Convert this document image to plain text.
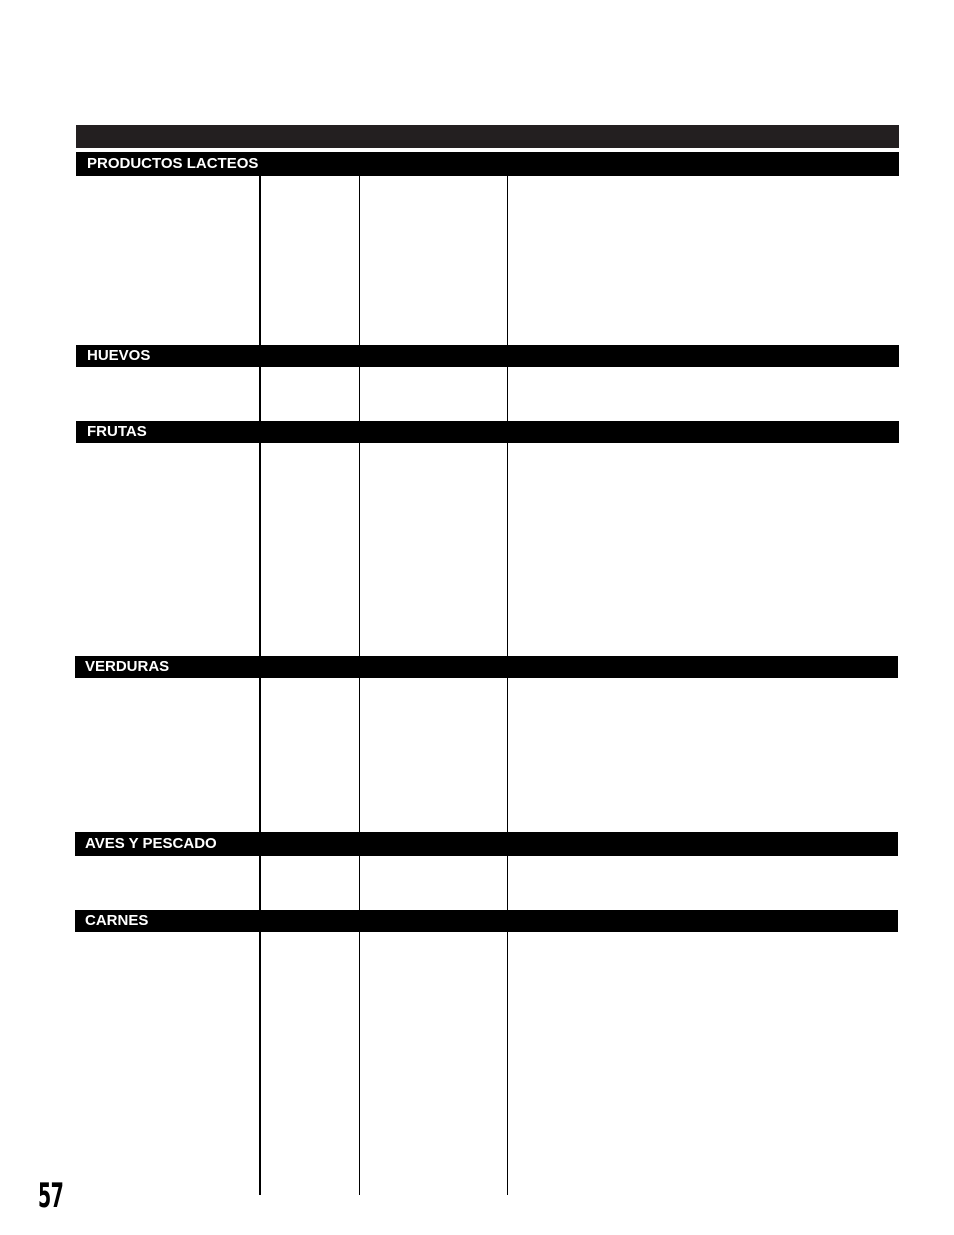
PRODUCTOS LACTEOS
HUEVOS
FRUTAS
VERDURAS
AVES Y PESCADO
CARNES
57
